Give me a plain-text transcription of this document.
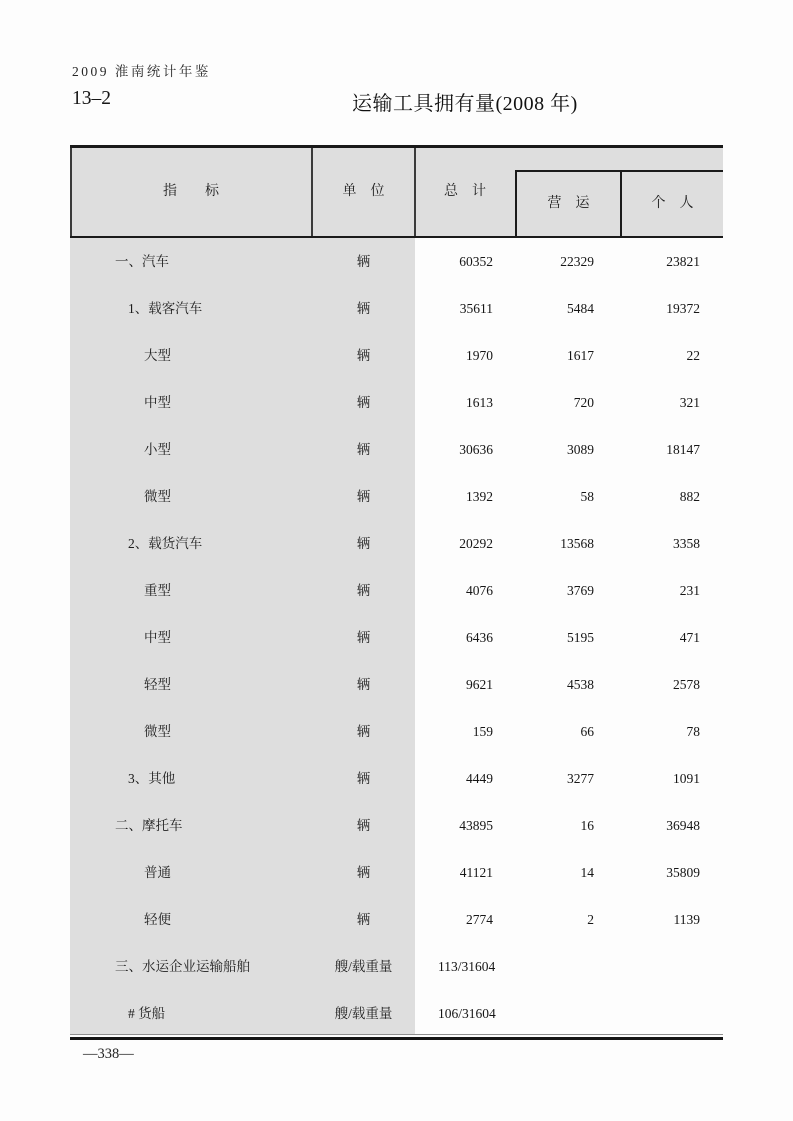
2009 淮南统计年鉴
13–2	运输工具拥有量(2008 年)
指　　标	单　位	总　计
营　运	个　人
一、汽车	辆	60352	22329	23821
1、载客汽车	辆	35611	5484	19372
大型	辆	1970	1617	22
中型	辆	1613	720	321
小型	辆	30636	3089	18147
微型	辆	1392	58	882
2、载货汽车	辆	20292	13568	3358
重型	辆	4076	3769	231
中型	辆	6436	5195	471
轻型	辆	9621	4538	2578
微型	辆	159	66	78
3、其他	辆	4449	3277	1091
二、摩托车	辆	43895	16	36948
普通	辆	41121	14	35809
轻便	辆	2774	2	1139
三、水运企业运输船舶	艘/载重量	113/31604
# 货船	艘/载重量	106/31604
—338—
